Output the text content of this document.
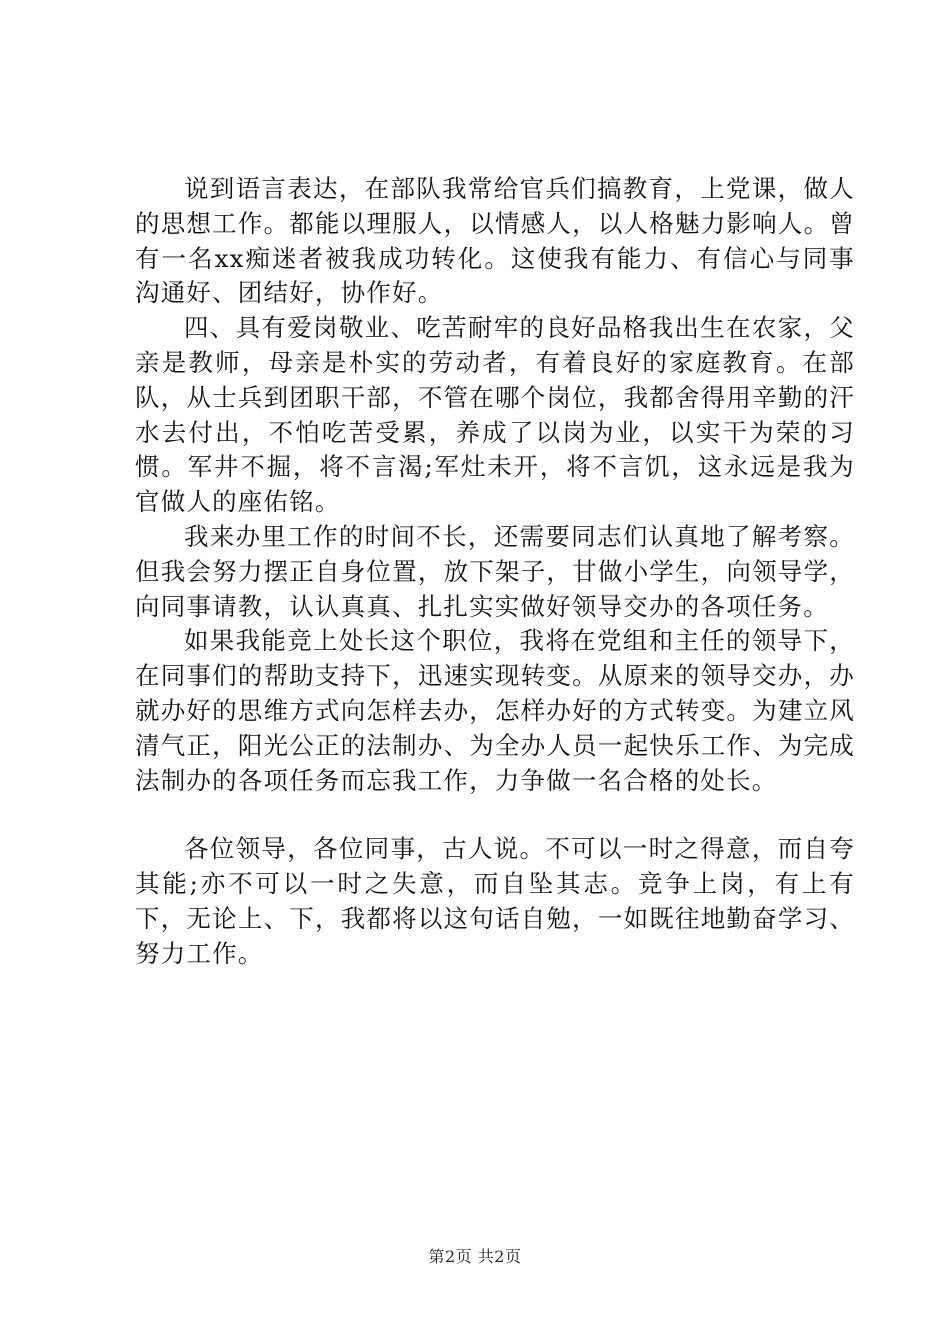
说到语言表达，在部队我常给官兵们搞教育，上党课，做人的思想工作。都能以理服人，以情感人，以人格魅力影响人。曾有一名xx痴迷者被我成功转化。这使我有能力、有信心与同事沟通好、团结好，协作好。

四、具有爱岗敬业、吃苦耐牢的良好品格我出生在农家，父亲是教师，母亲是朴实的劳动者，有着良好的家庭教育。在部队，从士兵到团职干部，不管在哪个岗位，我都舍得用辛勤的汗水去付出，不怕吃苦受累，养成了以岗为业，以实干为荣的习惯。军井不掘，将不言渴;军灶未开，将不言饥，这永远是我为官做人的座佑铭。

我来办里工作的时间不长，还需要同志们认真地了解考察。但我会努力摆正自身位置，放下架子，甘做小学生，向领导学，向同事请教，认认真真、扎扎实实做好领导交办的各项任务。

如果我能竞上处长这个职位，我将在党组和主任的领导下，在同事们的帮助支持下，迅速实现转变。从原来的领导交办，办就办好的思维方式向怎样去办，怎样办好的方式转变。为建立风清气正，阳光公正的法制办、为全办人员一起快乐工作、为完成法制办的各项任务而忘我工作，力争做一名合格的处长。

各位领导，各位同事，古人说。不可以一时之得意，而自夸其能;亦不可以一时之失意，而自坠其志。竞争上岗，有上有下，无论上、下，我都将以这句话自勉，一如既往地勤奋学习、努力工作。

第2页 共2页
